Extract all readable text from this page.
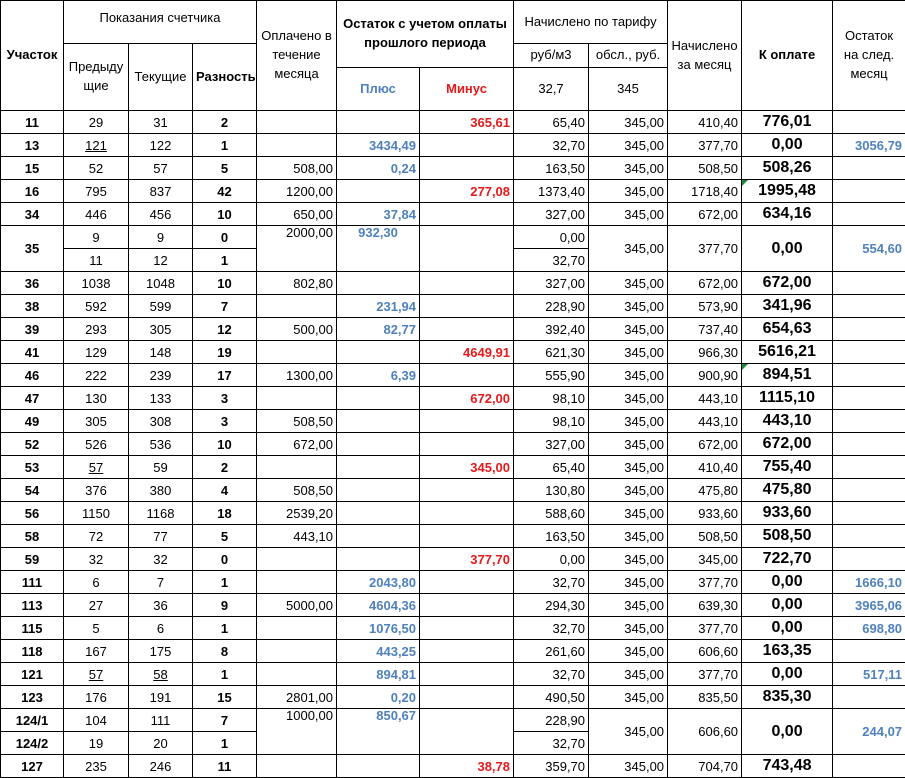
Участок	Показания счетчика			Оплачено в течение месяца	Остаток с учетом оплаты прошлого периода		Начислено по тарифу		Начислено за месяц	К оплате	Остаток на след. месяц
	Предыду щие	Текущие	Разность				руб/м3	обсл., руб.			
					Плюс	Минус	32,7	345			
11	29	31	2			365,61	65,40	345,00	410,40	776,01	
13	121	122	1		3434,49		32,70	345,00	377,70	0,00	3056,79
15	52	57	5	508,00	0,24		163,50	345,00	508,50	508,26	
16	795	837	42	1200,00		277,08	1373,40	345,00	1718,40	1995,48	
34	446	456	10	650,00	37,84		327,00	345,00	672,00	634,16	
35	9	9	0	2000,00	932,30		0,00	345,00	377,70	0,00	554,60
	11	12	1				32,70				
36	1038	1048	10	802,80			327,00	345,00	672,00	672,00	
38	592	599	7		231,94		228,90	345,00	573,90	341,96	
39	293	305	12	500,00	82,77		392,40	345,00	737,40	654,63	
41	129	148	19			4649,91	621,30	345,00	966,30	5616,21	
46	222	239	17	1300,00	6,39		555,90	345,00	900,90	894,51	
47	130	133	3			672,00	98,10	345,00	443,10	1115,10	
49	305	308	3	508,50			98,10	345,00	443,10	443,10	
52	526	536	10	672,00			327,00	345,00	672,00	672,00	
53	57	59	2			345,00	65,40	345,00	410,40	755,40	
54	376	380	4	508,50			130,80	345,00	475,80	475,80	
56	1150	1168	18	2539,20			588,60	345,00	933,60	933,60	
58	72	77	5	443,10			163,50	345,00	508,50	508,50	
59	32	32	0			377,70	0,00	345,00	345,00	722,70	
111	6	7	1		2043,80		32,70	345,00	377,70	0,00	1666,10
113	27	36	9	5000,00	4604,36		294,30	345,00	639,30	0,00	3965,06
115	5	6	1		1076,50		32,70	345,00	377,70	0,00	698,80
118	167	175	8		443,25		261,60	345,00	606,60	163,35	
121	57	58	1		894,81		32,70	345,00	377,70	0,00	517,11
123	176	191	15	2801,00	0,20		490,50	345,00	835,50	835,30	
124/1	104	111	7	1000,00	850,67		228,90	345,00	606,60	0,00	244,07
124/2	19	20	1				32,70				
127	235	246	11			38,78	359,70	345,00	704,70	743,48	
